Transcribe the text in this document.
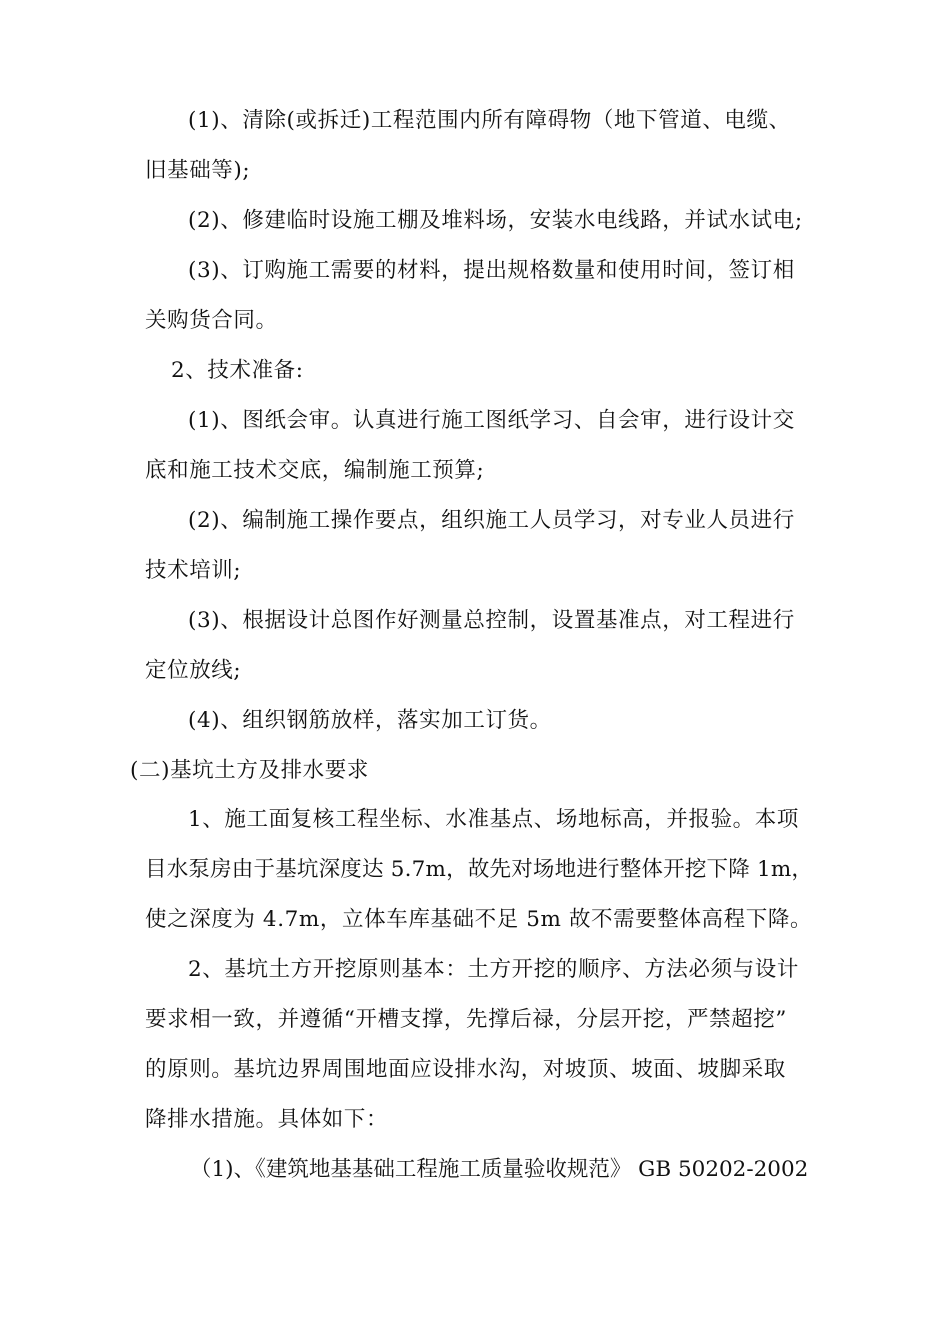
(1)、清除(或拆迁)工程范围内所有障碍物（地下管道、电缆、
旧基础等);
(2)、修建临时设施工棚及堆料场，安装水电线路，并试水试电;
(3)、订购施工需要的材料，提出规格数量和使用时间，签订相
关购货合同。
2、技术准备:
(1)、图纸会审。认真进行施工图纸学习、自会审，进行设计交
底和施工技术交底，编制施工预算;
(2)、编制施工操作要点，组织施工人员学习，对专业人员进行
技术培训;
(3)、根据设计总图作好测量总控制，设置基准点，对工程进行
定位放线;
(4)、组织钢筋放样，落实加工订货。
(二)基坑土方及排水要求
1、施工面复核工程坐标、水准基点、场地标高，并报验。本项
目水泵房由于基坑深度达 5.7m，故先对场地进行整体开挖下降 1m，
使之深度为 4.7m，立体车库基础不足 5m 故不需要整体高程下降。
2、基坑土方开挖原则基本：土方开挖的顺序、方法必须与设计
要求相一致，并遵循“开槽支撑，先撑后禄，分层开挖，严禁超挖”
的原则。基坑边界周围地面应设排水沟，对坡顶、坡面、坡脚采取
降排水措施。具体如下：
（1)、《建筑地基基础工程施工质量验收规范》 GB 50202-2002
